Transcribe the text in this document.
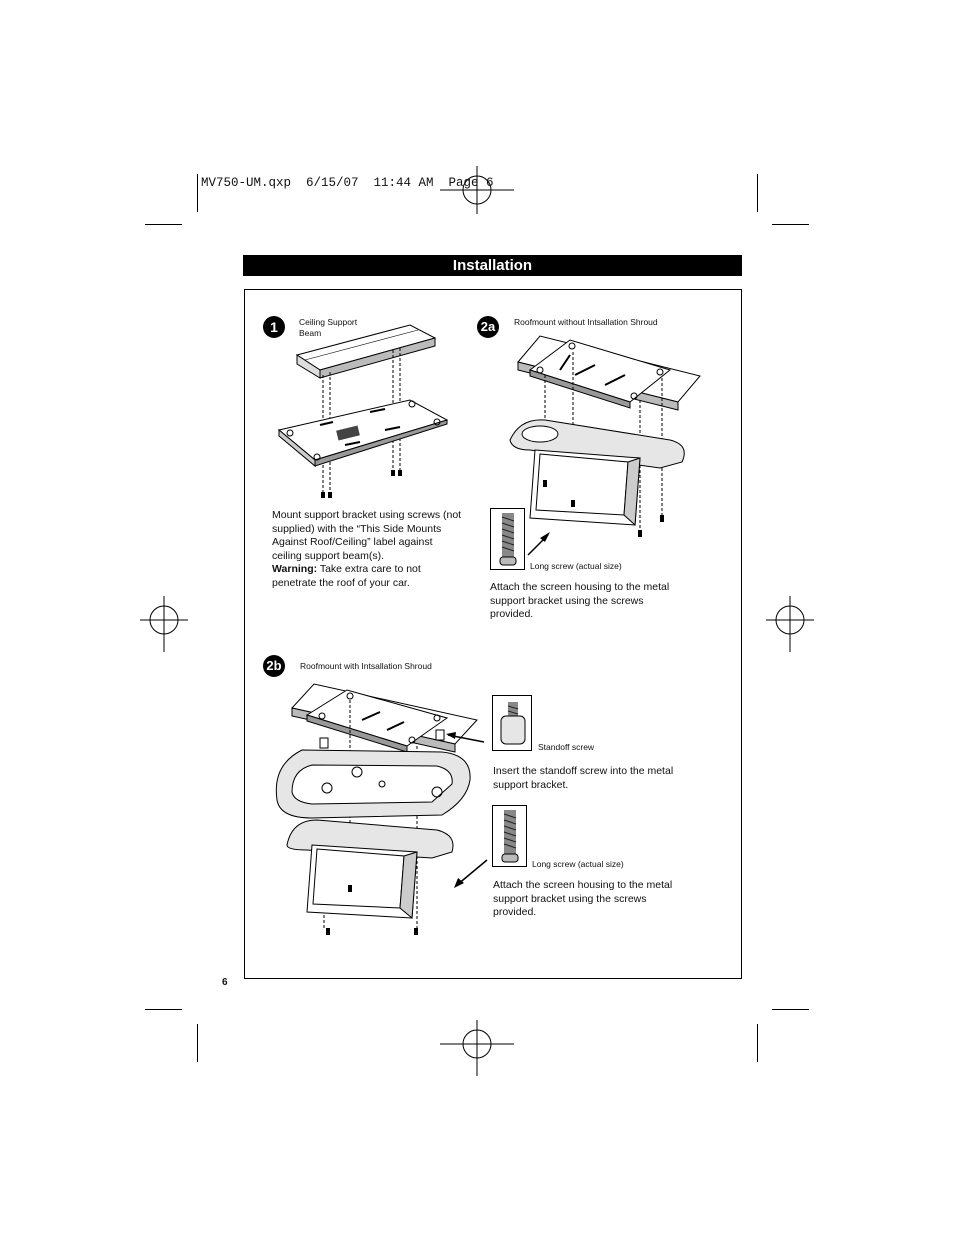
MV750-UM.qxp  6/15/07  11:44 AM  Page 6
Installation
1	Ceiling Support Beam
Mount support bracket using screws (not supplied) with the “This Side Mounts Against Roof/Ceiling” label against ceiling support beam(s).
Warning: Take extra care to not penetrate the roof of your car.
2a	Roofmount without Intsallation Shroud
Long screw (actual size)
Attach the screen housing to the metal support bracket using the screws provided.
2b	Roofmount with Intsallation Shroud
Standoff screw
Insert the standoff screw into the metal support bracket.
Long screw (actual size)
Attach the screen housing to the metal support bracket using the screws provided.
6
